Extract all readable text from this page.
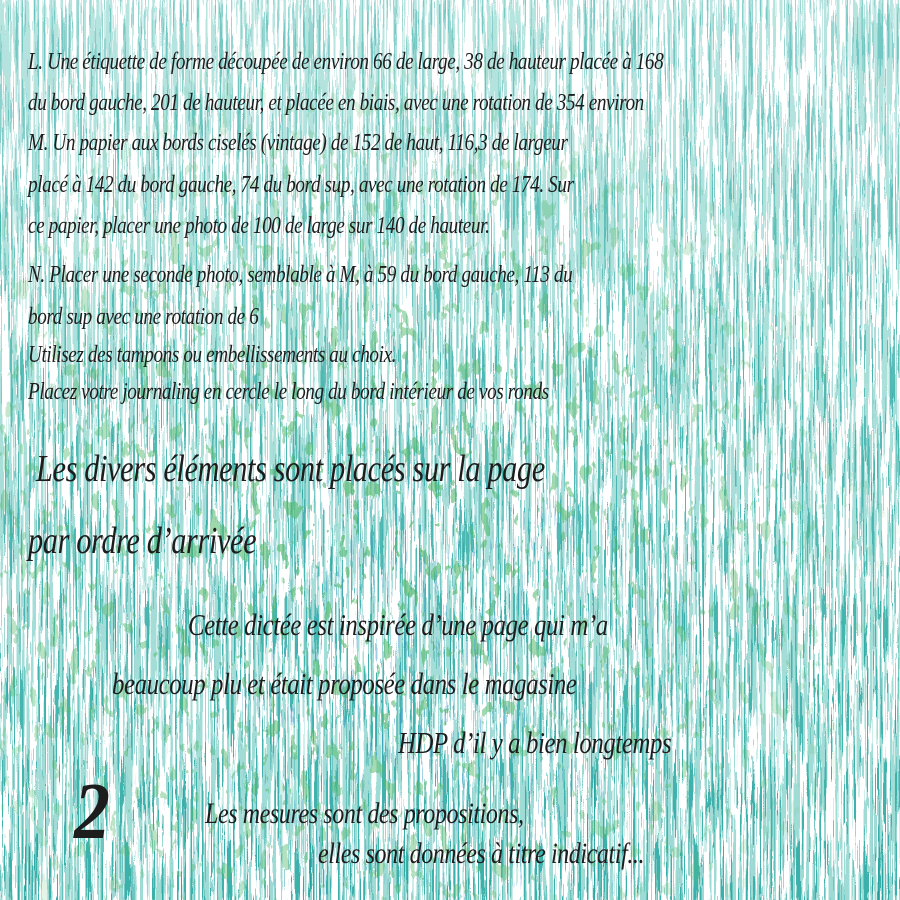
L. Une étiquette de forme découpée de environ 66 de large, 38 de hauteur placée à 168
du bord gauche, 201 de hauteur, et placée en biais, avec une rotation de 354 environ
M. Un papier aux bords ciselés (vintage) de 152 de haut, 116,3 de largeur
placé à 142 du bord gauche, 74 du bord sup, avec une rotation de 174. Sur
ce papier, placer une photo de 100 de large sur 140 de hauteur.
N. Placer une seconde photo, semblable à M, à 59 du bord gauche, 113 du
bord sup avec une rotation de 6
Utilisez des tampons ou embellissements au choix.
Placez votre journaling en cercle le long du bord intérieur de vos ronds
Les divers éléments sont placés sur la page
par ordre d’arrivée
Cette dictée est inspirée d’une page qui m’a
beaucoup plu et était proposée dans le magasine
HDP d’il y a bien longtemps
2	Les mesures sont des propositions,
elles sont données à titre indicatif...
